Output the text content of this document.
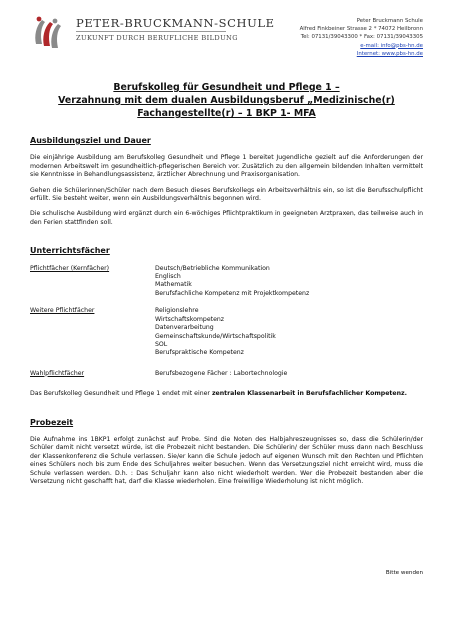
PETER-BRUCKMANN-SCHULE
ZUKUNFT DURCH BERUFLICHE BILDUNG
Peter Bruckmann Schule
Alfred Finkbeiner Strasse 2 * 74072 Heilbronn
Tel: 07131/39043300 * Fax: 07131/39043305
e-mail: info@pbs-hn.de
Internet: www.pbs-hn.de
Berufskolleg für Gesundheit und Pflege 1 –
Verzahnung mit dem dualen Ausbildungsberuf „Medizinische(r)
Fachangestellte(r) – 1 BKP 1- MFA

Ausbildungsziel und Dauer

Die einjährige Ausbildung am Berufskolleg Gesundheit und Pflege 1 bereitet Jugendliche gezielt auf die Anforderungen der modernen Arbeitswelt im gesundheitlich-pflegerischen Bereich vor. Zusätzlich zu den allgemein bildenden Inhalten vermittelt sie Kenntnisse in Behandlungsassistenz, ärztlicher Abrechnung und Praxisorganisation.

Gehen die Schülerinnen/Schüler nach dem Besuch dieses Berufskollegs ein Arbeitsverhältnis ein, so ist die Berufsschulpflicht erfüllt. Sie besteht weiter, wenn ein Ausbildungsverhältnis begonnen wird.

Die schulische Ausbildung wird ergänzt durch ein 6-wöchiges Pflichtpraktikum in geeigneten Arztpraxen, das teilweise auch in den Ferien stattfinden soll.

Unterrichtsfächer

Pflichtfächer (Kernfächer)	Deutsch/Betriebliche Kommunikation
Englisch
Mathematik
Berufsfachliche Kompetenz mit Projektkompetenz
Weitere Pflichtfächer	Religionslehre
Wirtschaftskompetenz
Datenverarbeitung
Gemeinschaftskunde/Wirtschaftspolitik
SOL
Berufspraktische Kompetenz
Wahlpflichtfächer	Berufsbezogene Fächer : Labortechnologie

Das Berufskolleg Gesundheit und Pflege 1 endet mit einer zentralen Klassenarbeit in Berufsfachlicher Kompetenz.

Probezeit

Die Aufnahme ins 1BKP1 erfolgt zunächst auf Probe. Sind die Noten des Halbjahreszeugnisses so, dass die Schülerin/der Schüler damit nicht versetzt würde, ist die Probezeit nicht bestanden. Die Schülerin/ der Schüler muss dann nach Beschluss der Klassenkonferenz die Schule verlassen. Sie/er kann die Schule jedoch auf eigenen Wunsch mit den Rechten und Pflichten eines Schülers noch bis zum Ende des Schuljahres weiter besuchen. Wenn das Versetzungsziel nicht erreicht wird, muss die Schule verlassen werden. D.h. : Das Schuljahr kann also nicht wiederholt werden. Wer die Probezeit bestanden aber die Versetzung nicht geschafft hat, darf die Klasse wiederholen. Eine freiwillige Wiederholung ist nicht möglich.

Bitte wenden
